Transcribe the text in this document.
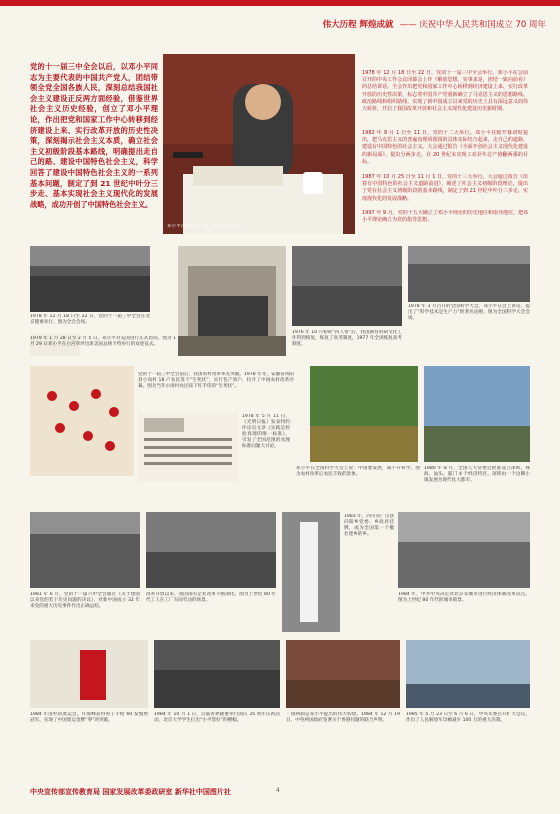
伟大历程 辉煌成就 —— 庆祝中华人民共和国成立 70 周年
党的十一届三中全会以后，以邓小平同志为主要代表的中国共产党人，团结带领全党全国各族人民，深刻总结我国社会主义建设正反两方面经验，借鉴世界社会主义历史经验，创立了邓小平理论，作出把党和国家工作中心转移到经济建设上来、实行改革开放的历史性决策，深刻揭示社会主义本质，确立社会主义初级阶段基本路线，明确提出走自己的路、建设中国特色社会主义，科学回答了建设中国特色社会主义的一系列基本问题，制定了到 21 世纪中叶分三步走、基本实现社会主义现代化的发展战略，成功开创了中国特色社会主义。
邓小平在党的十一届三中全会上讲话。
1978 年 12 月 18 日至 22 日，党的十一届三中全会举行。邓小平在会前召开的中央工作会议闭幕会上作《解放思想，实事求是，团结一致向前看》的总结讲话。全会作出把党和国家工作中心转移到经济建设上来、实行改革开放的历史性决策，标志着中国共产党重新确立了马克思主义的思想路线、政治路线和组织路线，实现了新中国成立以来党的历史上具有深远意义的伟大转折，开启了我国改革开放和社会主义现代化建设历史新时期。
1982 年 9 月 1 日至 11 日，党的十二大举行。邓小平在致开幕词时提出，把马克思主义的普遍真理同我国的具体实际结合起来，走自己的道路，建设有中国特色的社会主义。大会通过报告《全面开创社会主义现代化建设的新局面》，提出分两步走，在 20 世纪末实现工农业年总产值翻两番的目标。
1987 年 10 月 25 日至 11 月 1 日，党的十三大举行。大会通过报告《沿着有中国特色的社会主义道路前进》，阐述了社会主义初级阶段理论，提出了党在社会主义初级阶段的基本路线，制定了到 21 世纪中叶分三步走、实现现代化的发展战略。
1997 年 9 月，党的十五大确立了邓小平理论的历史地位和指导地位，把邓小平理论确立为党的指导思想。
1978 年 12 月 18 日至 22 日，党的十一届三中全会在北京隆重举行。图为全会会场。
1979 年 1 月 28 日至 2 月 5 日，邓小平对美国进行正式访问。图为 1 月 29 日邓小平在白宫草坪出席美国总统卡特举行的欢迎仪式。
1976 年 10 月粉碎“四人帮”后，我国教育科研文化工作得到恢复，恢复了高考制度，1977 年全国恢复高考制度。
1978 年 3 月召开的全国科学大会，邓小平在会上讲话，提出了“科学技术是生产力”的著名论断，图为全国科学大会会场。
党的十一届三中全会前后，我国农村改革率先突破。1978 年冬，安徽省凤阳县小岗村 18 户农民签下“生死状”，实行包产到户，拉开了中国农村改革序幕。图为当年小岗村农民按下红手印的“生死状”。
1978 年 5 月 11 日，《光明日报》发表特约评论员文章《实践是检验真理的唯一标准》，引发了全国范围的真理标准问题大讨论。
邓小平在全国科学大会上说：中国要发展，离不开科学。图为农村改革后农民丰收的景象。
1980 年 8 月，全国人大常委会批准设立深圳、珠海、汕头、厦门 4 个经济特区。深圳由一个边陲小镇发展为现代化大都市。
1981 年 6 月，党的十一届六中全会通过《关于建国以来党的若干历史问题的决议》，对新中国成立 32 年来党的重大历史事件作出正确总结。
改革开放以来，我国国有企业改革不断深化。图为上世纪 80 年代工人在工厂车间劳动的场景。
1983 年，四川省广汉县向阳乡党委、乡政府挂牌，成为全国第一个撤社建乡的乡。
1984 年，中共中央决定对北京等城市进行经济体制改革试点。图为上世纪 80 年代的城市街景。
1984 年洛杉矶奥运会，许海峰获得男子手枪 60 发慢射冠军，实现了中国奥运金牌“零”的突破。
1984 年 10 月 1 日，首都各界隆重举行国庆 35 周年庆祝活动。北京大学学生打出“小平您好”的横幅。
一国两制是邓小平提出的伟大构想。1984 年 12 月 19 日，中英两国政府签署关于香港问题的联合声明。
1985 年 5 月 23 日至 6 月 6 日，中央军委召开扩大会议，作出了人民解放军员额减少 100 万的重大决策。
4
中央宣传部宣传教育局 国家发展改革委政研室 新华社中国图片社
